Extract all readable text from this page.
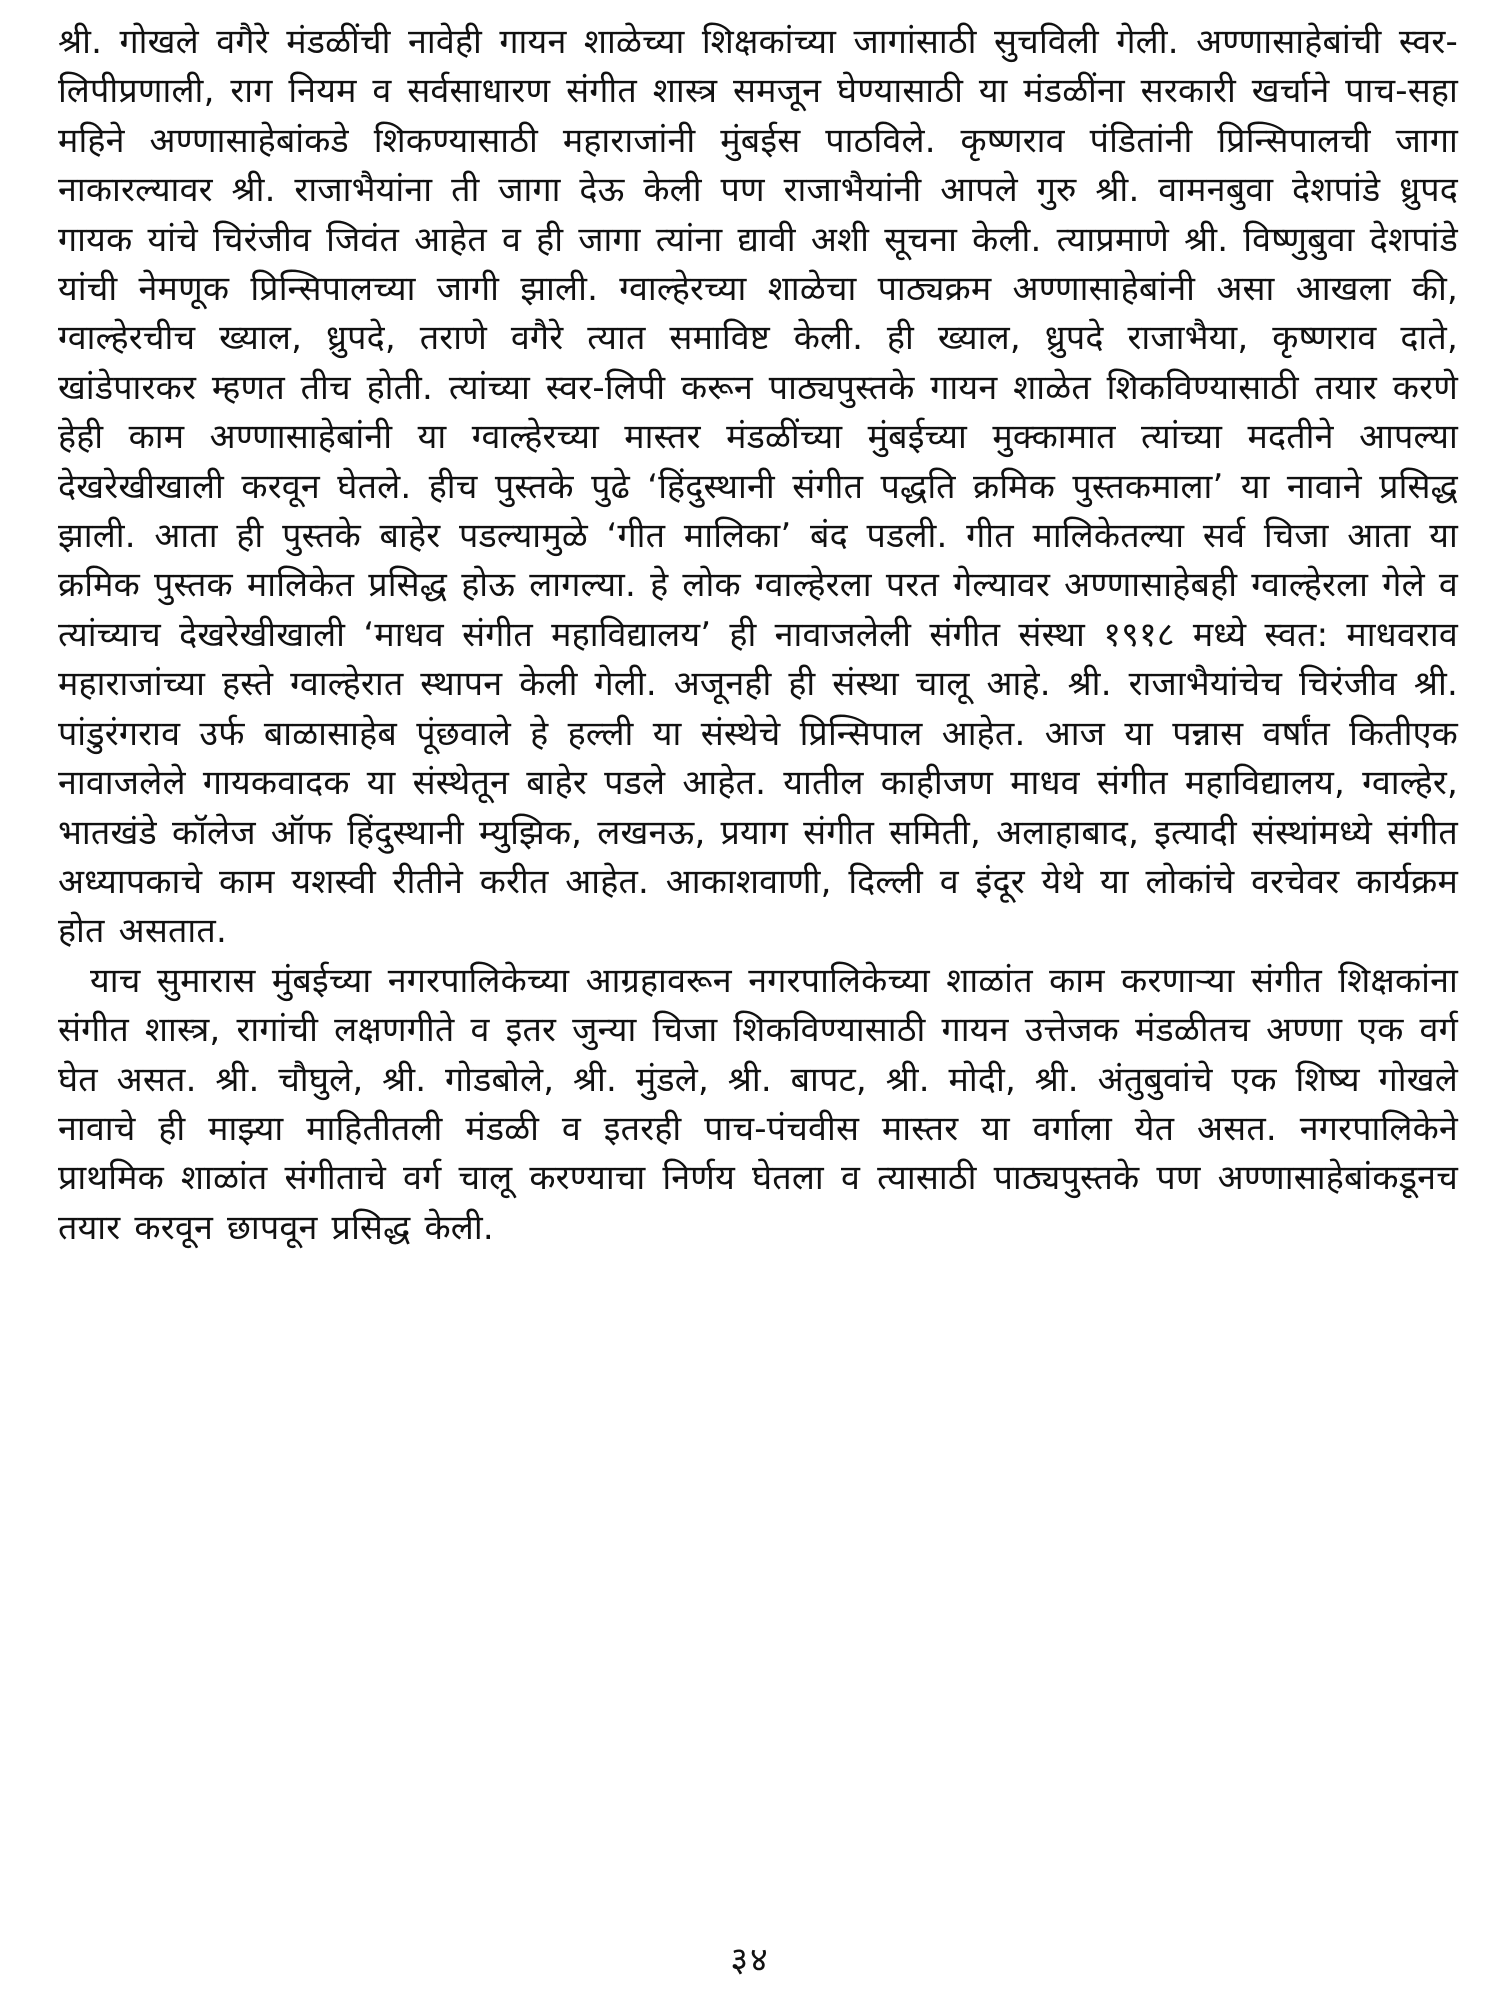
श्री. गोखले वगैरे मंडळींची नावेही गायन शाळेच्या शिक्षकांच्या जागांसाठी सुचविली गेली. अण्णासाहेबांची स्वर-लिपीप्रणाली, राग नियम व सर्वसाधारण संगीत शास्त्र समजून घेण्यासाठी या मंडळींना सरकारी खर्चाने पाच-सहा महिने अण्णासाहेबांकडे शिकण्यासाठी महाराजांनी मुंबईस पाठविले. कृष्णराव पंडितांनी प्रिन्सिपालची जागा नाकारल्यावर श्री. राजाभैयांना ती जागा देऊ केली पण राजाभैयांनी आपले गुरु श्री. वामनबुवा देशपांडे ध्रुपद गायक यांचे चिरंजीव जिवंत आहेत व ही जागा त्यांना द्यावी अशी सूचना केली. त्याप्रमाणे श्री. विष्णुबुवा देशपांडे यांची नेमणूक प्रिन्सिपालच्या जागी झाली. ग्वाल्हेरच्या शाळेचा पाठ्यक्रम अण्णासाहेबांनी असा आखला की, ग्वाल्हेरचीच ख्याल, ध्रुपदे, तराणे वगैरे त्यात समाविष्ट केली. ही ख्याल, ध्रुपदे राजाभैया, कृष्णराव दाते, खांडेपारकर म्हणत तीच होती. त्यांच्या स्वर-लिपी करून पाठ्यपुस्तके गायन शाळेत शिकविण्यासाठी तयार करणे हेही काम अण्णासाहेबांनी या ग्वाल्हेरच्या मास्तर मंडळींच्या मुंबईच्या मुक्कामात त्यांच्या मदतीने आपल्या देखरेखीखाली करवून घेतले. हीच पुस्तके पुढे ‘हिंदुस्थानी संगीत पद्धति क्रमिक पुस्तकमाला’ या नावाने प्रसिद्ध झाली. आता ही पुस्तके बाहेर पडल्यामुळे ‘गीत मालिका’ बंद पडली. गीत मालिकेतल्या सर्व चिजा आता या क्रमिक पुस्तक मालिकेत प्रसिद्ध होऊ लागल्या. हे लोक ग्वाल्हेरला परत गेल्यावर अण्णासाहेबही ग्वाल्हेरला गेले व त्यांच्याच देखरेखीखाली ‘माधव संगीत महाविद्यालय’ ही नावाजलेली संगीत संस्था १९१८ मध्ये स्वत: माधवराव महाराजांच्या हस्ते ग्वाल्हेरात स्थापन केली गेली. अजूनही ही संस्था चालू आहे. श्री. राजाभैयांचेच चिरंजीव श्री. पांडुरंगराव उर्फ बाळासाहेब पूंछवाले हे हल्ली या संस्थेचे प्रिन्सिपाल आहेत. आज या पन्नास वर्षांत कितीएक नावाजलेले गायकवादक या संस्थेतून बाहेर पडले आहेत. यातील काहीजण माधव संगीत महाविद्यालय, ग्वाल्हेर, भातखंडे कॉलेज ऑफ हिंदुस्थानी म्युझिक, लखनऊ, प्रयाग संगीत समिती, अलाहाबाद, इत्यादी संस्थांमध्ये संगीत अध्यापकाचे काम यशस्वी रीतीने करीत आहेत. आकाशवाणी, दिल्ली व इंदूर येथे या लोकांचे वरचेवर कार्यक्रम होत असतात.

याच सुमारास मुंबईच्या नगरपालिकेच्या आग्रहावरून नगरपालिकेच्या शाळांत काम करणाऱ्या संगीत शिक्षकांना संगीत शास्त्र, रागांची लक्षणगीते व इतर जुन्या चिजा शिकविण्यासाठी गायन उत्तेजक मंडळीतच अण्णा एक वर्ग घेत असत. श्री. चौघुले, श्री. गोडबोले, श्री. मुंडले, श्री. बापट, श्री. मोदी, श्री. अंतुबुवांचे एक शिष्य गोखले नावाचे ही माझ्या माहितीतली मंडळी व इतरही पाच-पंचवीस मास्तर या वर्गाला येत असत. नगरपालिकेने प्राथमिक शाळांत संगीताचे वर्ग चालू करण्याचा निर्णय घेतला व त्यासाठी पाठ्यपुस्तके पण अण्णासाहेबांकडूनच तयार करवून छापवून प्रसिद्ध केली.

३४
